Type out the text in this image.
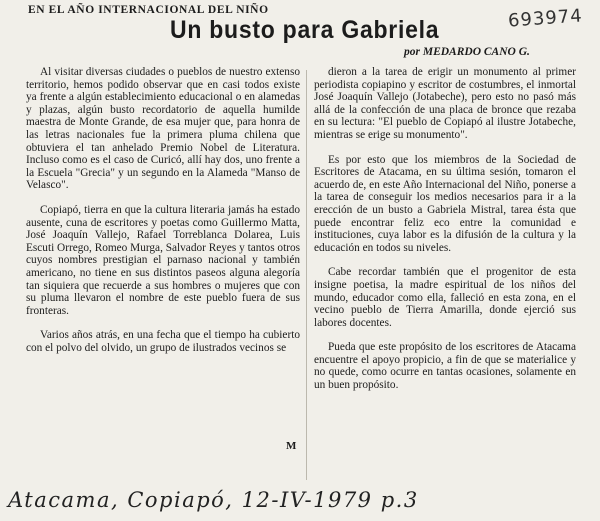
EN EL AÑO INTERNACIONAL DEL NIÑO
Un busto para Gabriela	693974
por MEDARDO CANO G.

Al visitar diversas ciudades o pueblos de nuestro extenso territorio, hemos podido observar que en casi todos existe ya frente a algún establecimiento educacional o en alamedas y plazas, algún busto recordatorio de aquella humilde maestra de Monte Grande, de esa mujer que, para honra de las letras nacionales fue la primera pluma chilena que obtuviera el tan anhelado Premio Nobel de Literatura. Incluso como es el caso de Curicó, allí hay dos, uno frente a la Escuela "Grecia" y un segundo en la Alameda "Manso de Velasco".

Copiapó, tierra en que la cultura literaria jamás ha estado ausente, cuna de escritores y poetas como Guillermo Matta, José Joaquín Vallejo, Rafael Torreblanca Dolarea, Luis Escuti Orrego, Romeo Murga, Salvador Reyes y tantos otros cuyos nombres prestigian el parnaso nacional y también americano, no tiene en sus distintos paseos alguna alegoría tan siquiera que recuerde a sus hombres o mujeres que con su pluma llevaron el nombre de este pueblo fuera de sus fronteras.

Varios años atrás, en una fecha que el tiempo ha cubierto con el polvo del olvido, un grupo de ilustrados vecinos se

M

dieron a la tarea de erigir un monumento al primer periodista copiapino y escritor de costumbres, el inmortal José Joaquín Vallejo (Jotabeche), pero esto no pasó más allá de la confección de una placa de bronce que rezaba en su lectura: "El pueblo de Copiapó al ilustre Jotabeche, mientras se erige su monumento".

Es por esto que los miembros de la Sociedad de Escritores de Atacama, en su última sesión, tomaron el acuerdo de, en este Año Internacional del Niño, ponerse a la tarea de conseguir los medios necesarios para ir a la erección de un busto a Gabriela Mistral, tarea ésta que puede encontrar feliz eco entre la comunidad e instituciones, cuya labor es la difusión de la cultura y la educación en todos su niveles.

Cabe recordar también que el progenitor de esta insigne poetisa, la madre espiritual de los niños del mundo, educador como ella, falleció en esta zona, en el vecino pueblo de Tierra Amarilla, donde ejerció sus labores docentes.

Pueda que este propósito de los escritores de Atacama encuentre el apoyo propicio, a fin de que se materialice y no quede, como ocurre en tantas ocasiones, solamente en un buen propósito.

Atacama, Copiapó, 12-IV-1979 p.3
